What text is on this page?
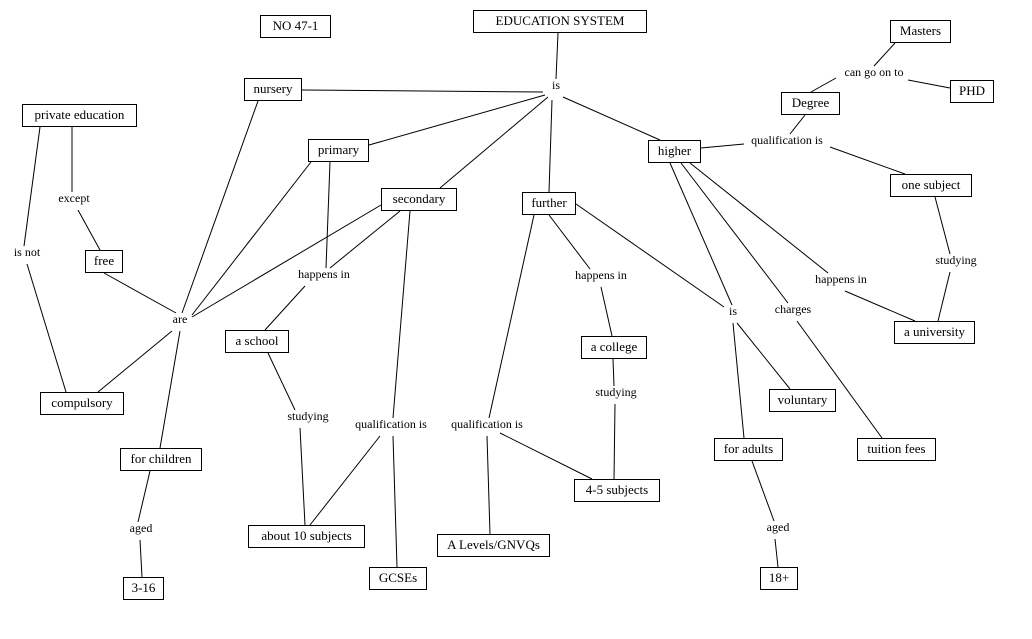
NO 47-1	EDUCATION SYSTEM
Masters
nursery	is
can go on to
PHD
private education
Degree
primary	higher
qualification is
one subject
secondary	further
except
is not
free
happens in	happens in	happens in
studying
charges
are
a school
is
a college
a university
voluntary
compulsory
studying
studying
qualification is	qualification is
tuition fees
for adults
for children
4-5 subjects
aged	aged
about 10 subjects
A Levels/GNVQs
GCSEs	18+
3-16
